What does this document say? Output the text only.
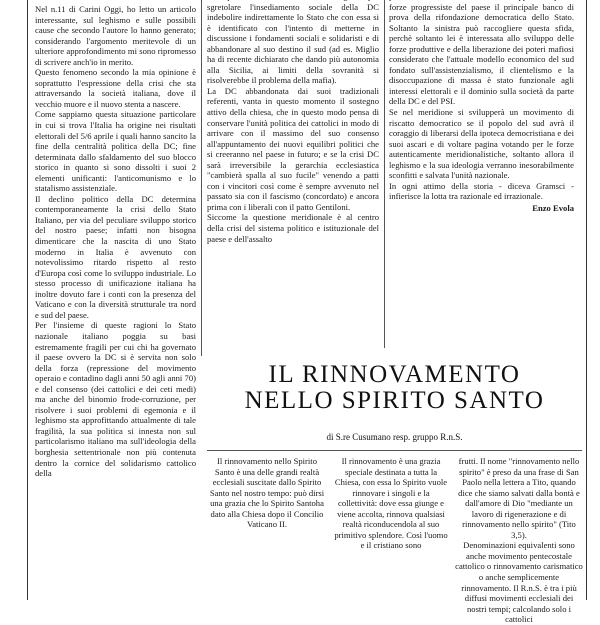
Nel n.11 di Carini Oggi, ho letto un articolo interessante, sul leghismo e sulle possibili cause che secondo l'autore lo hanno generato; considerando l'argomento meritevole di un ulteriore approfondimento mi sono ripromesso di scrivere anch'io in merito.

Questo fenomeno secondo la mia opinione è soprattutto l'espressione della crisi che sta attraversando la società italiana, dove il vecchio muore e il nuovo stenta a nascere.

Come sappiamo questa situazione particolare in cui si trova l'Italia ha origine nei risultati elettorali del 5/6 aprile i quali hanno sancito la fine della centralità politica della DC; fine determinata dallo sfaldamento del suo blocco storico in quanto si sono dissolti i suoi 2 elementi unificanti: l'anticomunismo e lo statalismo assistenziale.

Il declino politico della DC determina contemporaneamente la crisi dello Stato Italiano, per via del peculiare sviluppo storico del nostro paese; infatti non bisogna dimenticare che la nascita di uno Stato moderno in Italia è avvenuto con notevolissimo ritardo rispetto al resto d'Europa così come lo sviluppo industriale. Lo stesso processo di unificazione italiana ha inoltre dovuto fare i conti con la presenza del Vaticano e con la diversità strutturale tra nord e sud del paese.

Per l'insieme di queste ragioni lo Stato nazionale italiano poggia su basi estremamente fragili per cui chi ha governato il paese ovvero la DC si è servita non solo della forza (repressione del movimento operaio e contadino dagli anni 50 agli anni 70) e del consenso (dei cattolici e dei ceti medi) ma anche del binomio frode-corruzione, per risolvere i suoi problemi di egemonia e il leghismo sta approfittando attualmente di tale fragilità, la sua politica si innesta non sul particolarismo italiano ma sull'ideologia della borghesia settentrionale non più contenuta dentro la cornice del solidarismo cattolico della

sgretolare l'insediamento sociale della DC indebolire indirettamente lo Stato che con essa si è identificato con l'intento di metterne in discussione i fondamenti sociali e solidaristi e di abbandonare al suo destino il sud (ad es. Miglio ha di recente dichiarato che dando più autonomia alla Sicilia, ai limiti della sovranità si risolverebbe il problema della mafia).

La DC abbandonata dai suoi tradizionali referenti, vanta in questo momento il sostegno attivo della chiesa, che in questo modo pensa di conservare l'unità politica dei cattolici in modo di arrivare con il massimo del suo consenso all'appuntamento dei nuovi equilibri politici che si creeranno nel paese in futuro; e se la crisi DC sarà irreversibile la gerarchia ecclesiastica "cambierà spalla al suo fucile" venendo a patti con i vincitori così come è sempre avvenuto nel passato sia con il fascismo (concordato) e ancora prima con i liberali con il patto Gentiloni.

Siccome la questione meridionale è al centro della crisi del sistema politico e istituzionale del paese e dell'assalto

forze progressiste del paese il principale banco di prova della rifondazione democratica dello Stato. Soltanto la sinistra può raccogliere questa sfida, perchè soltanto lei è interessata allo sviluppo delle forze produttive e della liberazione dei poteri mafiosi considerato che l'attuale modello economico del sud fondato sull'assistenzialismo, il clientelismo e la disoccupazione di massa è stato funzionale agli interessi elettorali e il dominio sulla società da parte della DC e del PSI.

Se nel meridione si svilupperà un movimento di riscatto democratico se il popolo del sud avrà il coraggio di liberarsi della ipoteca democristiana e dei suoi ascari e di voltare pagina votando per le forze autenticamente meridionalistiche, soltanto allora il leghismo e la sua ideologia verranno inesorabilmente sconfitti e salvata l'unità nazionale.

In ogni attimo della storia - diceva Gramsci - infierisce la lotta tra razionale ed irrazionale.

Enzo Evola

IL RINNOVAMENTO
NELLO SPIRITO SANTO
di S.re Cusumano resp. gruppo R.n.S.

Il rinnovamento nello Spirito Santo è una delle grandi realtà ecclesiali suscitate dallo Spirito Santo nel nostro tempo: può dirsi una grazia che lo Spirito Santoha dato alla Chiesa dopo il Concilio Vaticano II.

Il rinnovamento è una grazia speciale destinata a tutta la Chiesa, con essa lo Spirito vuole rinnovare i singoli e la collettività: dove essa giunge e viene accolta, rinnova qualsiasi realtà riconducendola al suo primitivo splendore. Così l'uomo e il cristiano sono

frutti. Il nome "rinnovamento nello spirito" è preso da una frase di San Paolo nella lettera a Tito, quando dice che siamo salvati dalla bontà e dall'amore di Dio "mediante un lavoro di rigenerazione e di rinnovamento nello spirito" (Tito 3,5).

Denominazioni equivalenti sono anche movimento pentecostale cattolico o rinnovamento carismatico o anche semplicemente rinnovamento. Il R.n.S. è tra i più diffusi movimenti ecclesiali dei nostri tempi; calcolando solo i cattolici
